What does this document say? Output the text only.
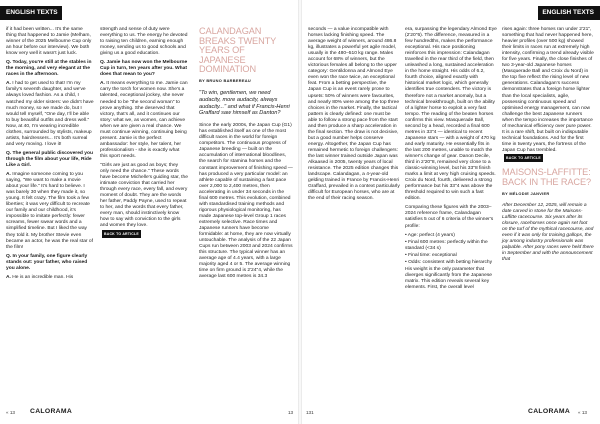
ENGLISH TEXTS

if it had been written... It's the same thing that happened to Jamie (Melham, winner of the 2025 Melbourne Cup only an hour before our interview). We both know very well it wasn't just luck.

Q. Today, you're still at the stables in the morning, and very elegant at the races in the afternoon.

A. I had to get used to that! I'm my family's seventh daughter, and we've always loved fashion. As a child, I watched my older sisters: we didn't have much money, so we made do, but I would tell myself, "One day, I'll be able to buy beautiful outfits and dress well." Now, at 40, I'm wearing incredible clothes, surrounded by stylists, makeup artists, hairdressers... It's both surreal and very moving. I love it!

Q. The general public discovered you through the film about your life, Ride Like a Girl.

A. Imagine someone coming to you saying, "We want to make a movie about your life." It's hard to believe. I was barely 30 when they made it, so young. It felt crazy. The film took a few liberties; it was very difficult to recreate our family and our childhood, it's impossible to imitate perfectly: fewer screams, fewer swear words and a simplified timeline. But I liked the way they told it. My brother Stevie even became an actor, he was the real star of the film!

Q. In your family, one figure clearly stands out: your father, who raised you alone.

A. He is an incredible man. His

strength and sense of duty were everything to us. The energy he devoted to raising ten children, earning enough money, sending us to good schools and giving us a good education.

Q. Jamie has now won the Melbourne Cup in turn, ten years after you. What does that mean to you?

A. It means everything to me. Jamie can carry the torch for women now. She's a talented, exceptional jockey, she never needed to be "the second woman" to prove anything. She deserved that victory, that's all, and it continues our story: what we, as women, can achieve when we are given a real chance. We must continue winning, continuing being present. Jamie is the perfect ambassador: her style, her talent, her professionalism - she is exactly what this sport needs.

"Girls are just as good as boys; they only need the chance." These words have become Michelle's guiding star, the intimate conviction that carried her through every race, every fall, and every moment of doubt. They are the words her father, Paddy Payne, used to repeat to her, and the words that every father, every man, should instinctively know how to say with conviction to the girls and women they love.BACK TO ARTICLE

CALANDAGAN BREAKS TWENTY YEARS OF JAPANESE DOMINATION
BY BRUNO BARBEREAU
"To win, gentlemen, we need audacity, more audacity, always audacity..." and what if Francis-Henri Graffard saw himself as Danton?

Since the early 2000s, the Japan Cup (G1) has established itself as one of the most difficult races in the world for foreign competitors. The continuous progress of Japanese breeding — built on the accumulation of international bloodlines, the search for stamina horses and the constant improvement of finishing speed — has produced a very particular model: an athlete capable of sustaining a fast pace over 2,000 to 2,400 metres, then accelerating in under 34 seconds in the final 600 metres. This evolution, combined with standardised training methods and rigorous physiological monitoring, has made Japanese top-level Group 1 races extremely selective. Race times and Japanese runners have become formidable: at home, they are now virtually untouchable. The analysis of the 22 Japan Cups run between 2003 and 2024 confirms this structure. The typical winner has an average age of 4.4 years, with a large majority aged 4 or 5. The average winning time on firm ground is 2'24"4, while the average last 600 metres is 34.3

« 13 CALORAMA	13
ENGLISH TEXTS

seconds — a value incompatible with horses lacking finishing speed. The average weight of winners, around 486.8 kg, illustrates a powerful yet agile model, usually in the 480–510 kg range. Males account for 68% of winners, but the victorious females all belong to the upper category: Gentildonna and Almond Eye even won the race twice, an exceptional feat. From a betting perspective, the Japan Cup is an event rarely prone to upsets: 50% of winners were favourites, and nearly 80% were among the top three choices in the market. Finally, the tactical pattern is clearly defined: one must be able to follow a strong pace from the start and then produce a sharp acceleration in the final section. The draw is not decisive, but a good number helps conserve energy. Altogether, the Japan Cup has remained hermetic to foreign challengers: the last winner trained outside Japan was Alkaased in 2005, twenty years of local resistance. The 2025 edition changes this landscape. Calandagan, a 4-year-old gelding trained in France by Francis-Henri Graffard, prevailed in a context particularly difficult for European horses, who are at the end of their racing season.

era, surpassing the legendary Almond Eye (2'20"6). The difference, measured in a few hundredths, makes the performance exceptional. His race positioning reinforces this impression: Calandagan travelled in the rear third of the field, then unleashed a long, sustained acceleration in the home straight. His odds of 6.2, fourth choice, aligned exactly with historical market logic, which generally identifies true contenders. The victory is therefore not a market anomaly, but a technical breakthrough, built on the ability of a lighter horse to exploit a very fast tempo. The reading of the beaten horses confirms this view. Masquerade Ball, second by a head, recorded a final 600 metres in 33"4 — identical to recent Japanese stars — with a weight of 470 kg and early maturity. He essentially fits in the last 200 metres, unable to match the winner's change of gear. Danon Decile, third in 2'20"8, remained very close to a classic-winning level, but his 33"8 finish marks a limit at very high cruising speeds. Croix du Nord, fourth, delivered a strong performance but his 33"4 was above the threshold required to win such a fast edition.

Comparing these figures with the 2003–2024 reference frame, Calandagan satisfies 5 out of 6 criteria of the winner's profile:

• Age: perfect (4 years)

• Final 600 metres: perfectly within the standard (<34 s)

• Final time: exceptional

• Odds: consistent with betting hierarchy

His weight is the only parameter that diverges significantly from the Japanese matrix. This edition reveals several key elements. First, the overall level

rises again: three horses ran under 2'21", something that had never happened here, heavier profiles (over 500 kg) showed their limits in races run at extremely high intensity, confirming a trend already visible for five years. Finally, the close finishes of two 3-year-old Japanese horses (Masquerade Ball and Croix du Nord) in the top five reflect the rising level of new generations. Calandagan's success demonstrates that a foreign horse lighter than the local specialists, agile, possessing continuous speed and optimised energy management, can now challenge the best Japanese runners when the tempo increases the importance of mechanical efficiency over pure power. It is a rare shift, but built on indisputable technical foundations. And for the first time in twenty years, the fortress of the Japan Cup has trembled.BACK TO ARTICLE

MAISONS-LAFFITTE: BACK IN THE RACE?
BY MÉLODIE JANVIER

After December 12, 2025, will remain a date carved in stone for the Maisons-Laffitte racecourse. Six years after its closure, racehorses once again set foot on the turf of the mythical racecourse, and even if it was only for training gallops, the joy among industry professionals was palpable. After pony races were held there in September and with the announcement that

131	CALORAMA « 13
